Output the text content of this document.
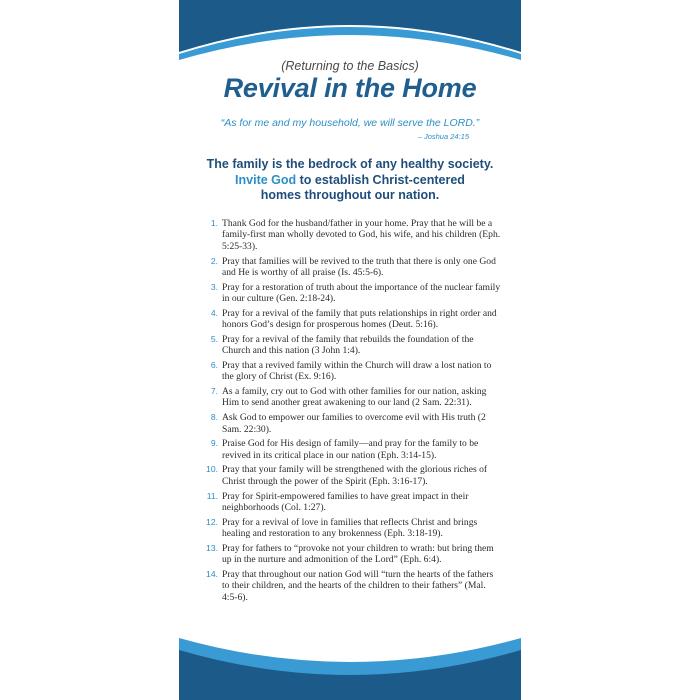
(Returning to the Basics)
Revival in the Home
“As for me and my household, we will serve the LORD.”
– Joshua 24:15
The family is the bedrock of any healthy society.
Invite God to establish Christ-centered
homes throughout our nation.
1. Thank God for the husband/father in your home. Pray that he will be a family-first man wholly devoted to God, his wife, and his children (Eph. 5:25-33).
2. Pray that families will be revived to the truth that there is only one God and He is worthy of all praise (Is. 45:5-6).
3. Pray for a restoration of truth about the importance of the nuclear family in our culture (Gen. 2:18-24).
4. Pray for a revival of the family that puts relationships in right order and honors God’s design for prosperous homes (Deut. 5:16).
5. Pray for a revival of the family that rebuilds the foundation of the Church and this nation (3 John 1:4).
6. Pray that a revived family within the Church will draw a lost nation to the glory of Christ (Ex. 9:16).
7. As a family, cry out to God with other families for our nation, asking Him to send another great awakening to our land (2 Sam. 22:31).
8. Ask God to empower our families to overcome evil with His truth (2 Sam. 22:30).
9. Praise God for His design of family—and pray for the family to be revived in its critical place in our nation (Eph. 3:14-15).
10. Pray that your family will be strengthened with the glorious riches of Christ through the power of the Spirit (Eph. 3:16-17).
11. Pray for Spirit-empowered families to have great impact in their neighborhoods (Col. 1:27).
12. Pray for a revival of love in families that reflects Christ and brings healing and restoration to any brokenness (Eph. 3:18-19).
13. Pray for fathers to “provoke not your children to wrath: but bring them up in the nurture and admonition of the Lord” (Eph. 6:4).
14. Pray that throughout our nation God will “turn the hearts of the fathers to their children, and the hearts of the children to their fathers” (Mal. 4:5-6).
